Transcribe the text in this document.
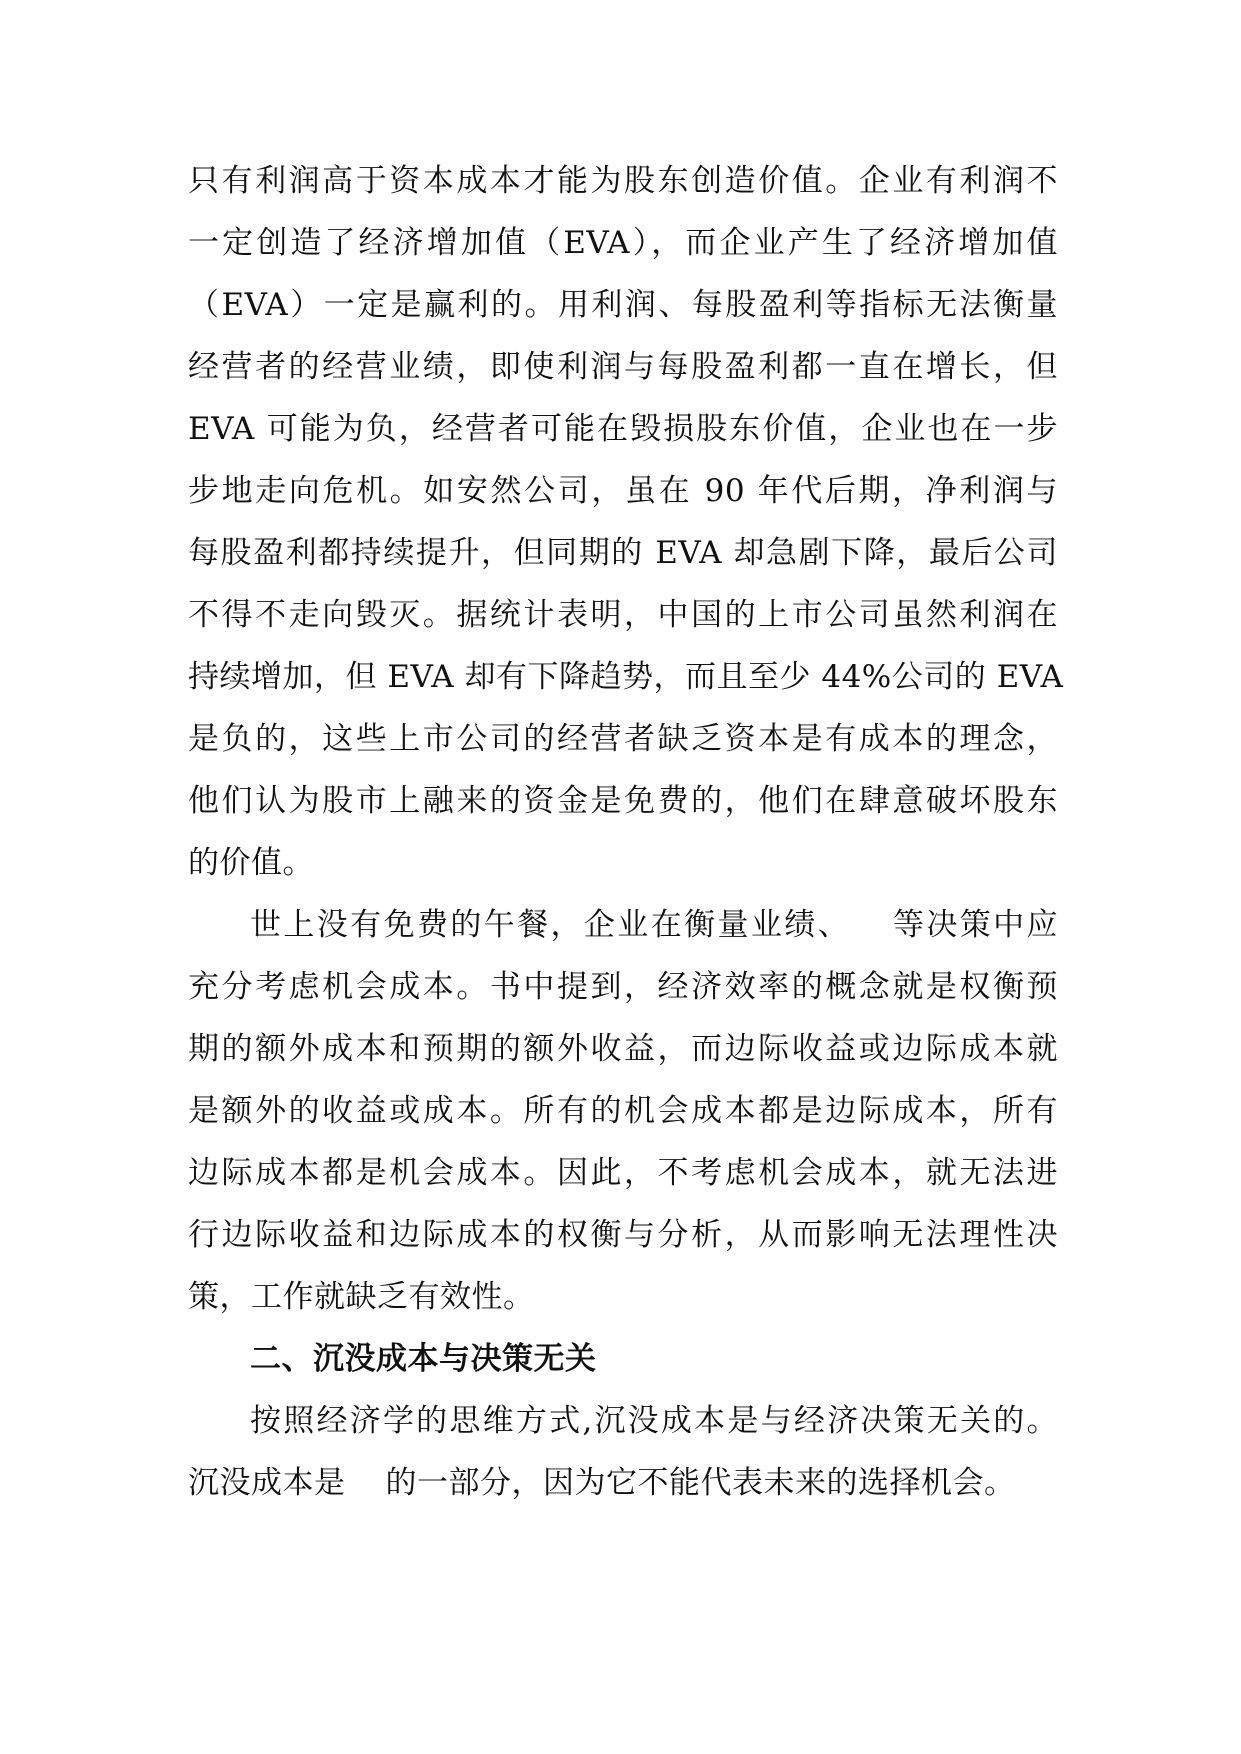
只有利润高于资本成本才能为股东创造价值。企业有利润不
一定创造了经济增加值（EVA），而企业产生了经济增加值
（EVA）一定是赢利的。用利润、每股盈利等指标无法衡量
经营者的经营业绩，即使利润与每股盈利都一直在增长，但
EVA 可能为负，经营者可能在毁损股东价值，企业也在一步
步地走向危机。如安然公司，虽在 90 年代后期，净利润与
每股盈利都持续提升，但同期的 EVA 却急剧下降，最后公司
不得不走向毁灭。据统计表明，中国的上市公司虽然利润在
持续增加，但 EVA 却有下降趋势，而且至少 44%公司的 EVA
是负的，这些上市公司的经营者缺乏资本是有成本的理念，
他们认为股市上融来的资金是免费的，他们在肆意破坏股东
的价值。
世上没有免费的午餐，企业在衡量业绩、 等决策中应
充分考虑机会成本。书中提到，经济效率的概念就是权衡预
期的额外成本和预期的额外收益，而边际收益或边际成本就
是额外的收益或成本。所有的机会成本都是边际成本，所有
边际成本都是机会成本。因此，不考虑机会成本，就无法进
行边际收益和边际成本的权衡与分析，从而影响无法理性决
策，工作就缺乏有效性。
二、沉没成本与决策无关
按照经济学的思维方式,沉没成本是与经济决策无关的。
沉没成本是 的一部分，因为它不能代表未来的选择机会。
